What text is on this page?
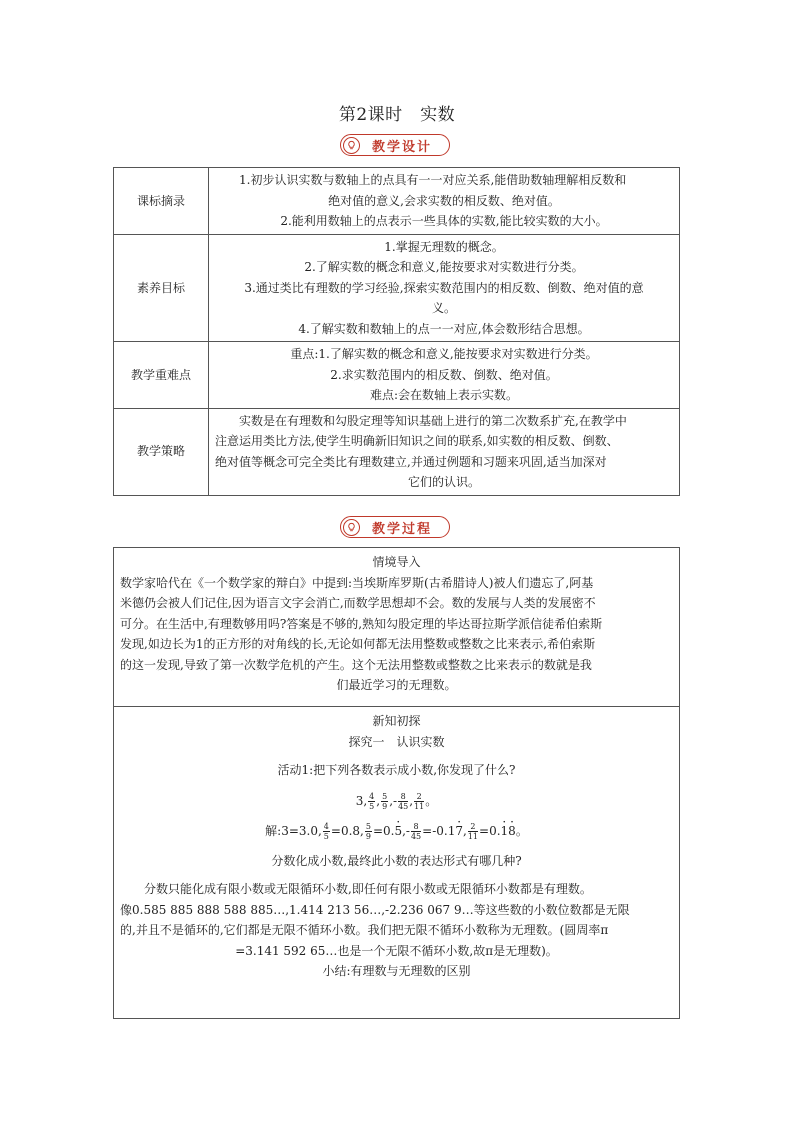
第2课时　实数
教学设计
课标摘录	1.初步认识实数与数轴上的点具有一一对应关系,能借助数轴理解相反数和
绝对值的意义,会求实数的相反数、绝对值。
2.能利用数轴上的点表示一些具体的实数,能比较实数的大小。

素养目标	1.掌握无理数的概念。
2.了解实数的概念和意义,能按要求对实数进行分类。
3.通过类比有理数的学习经验,探索实数范围内的相反数、倒数、绝对值的意
义。
4.了解实数和数轴上的点一一对应,体会数形结合思想。

教学重难点	重点:1.了解实数的概念和意义,能按要求对实数进行分类。
2.求实数范围内的相反数、倒数、绝对值。
难点:会在数轴上表示实数。

教学策略	实数是在有理数和勾股定理等知识基础上进行的第二次数系扩充,在教学中
注意运用类比方法,使学生明确新旧知识之间的联系,如实数的相反数、倒数、
绝对值等概念可完全类比有理数建立,并通过例题和习题来巩固,适当加深对
它们的认识。
教学过程
情境导入
数学家哈代在《一个数学家的辩白》中提到:当埃斯库罗斯(古希腊诗人)被人们遗忘了,阿基
米德仍会被人们记住,因为语言文字会消亡,而数学思想却不会。数的发展与人类的发展密不
可分。在生活中,有理数够用吗?答案是不够的,熟知勾股定理的毕达哥拉斯学派信徒希伯索斯
发现,如边长为1的正方形的对角线的长,无论如何都无法用整数或整数之比来表示,希伯索斯
的这一发现,导致了第一次数学危机的产生。这个无法用整数或整数之比来表示的数就是我
们最近学习的无理数。
新知初探
探究一　认识实数
活动1:把下列各数表示成小数,你发现了什么?
3, $\frac{4}{5}$ , $\frac{5}{9}$ ,- $\frac{8}{45}$ , $\frac{2}{11}$ 。
解:3=3.0, $\frac{4}{5} =0.8$, $\frac{5}{9} =0.\cdot 5,- \frac{8}{45} =-0.1\cdot 7$, $\frac{2}{11} =0.\cdot 1\cdot 8$。
分数化成小数,最终此小数的表达形式有哪几种?
分数只能化成有限小数或无限循环小数,即任何有限小数或无限循环小数都是有理数。
像0.585 885 888 588 885…,1.414 213 56…,-2.236 067 9…等这些数的小数位数都是无限
的,并且不是循环的,它们都是无限不循环小数。我们把无限不循环小数称为无理数。(圆周率π
=3.141 592 65…也是一个无限不循环小数,故π是无理数)。
小结:有理数与无理数的区别
